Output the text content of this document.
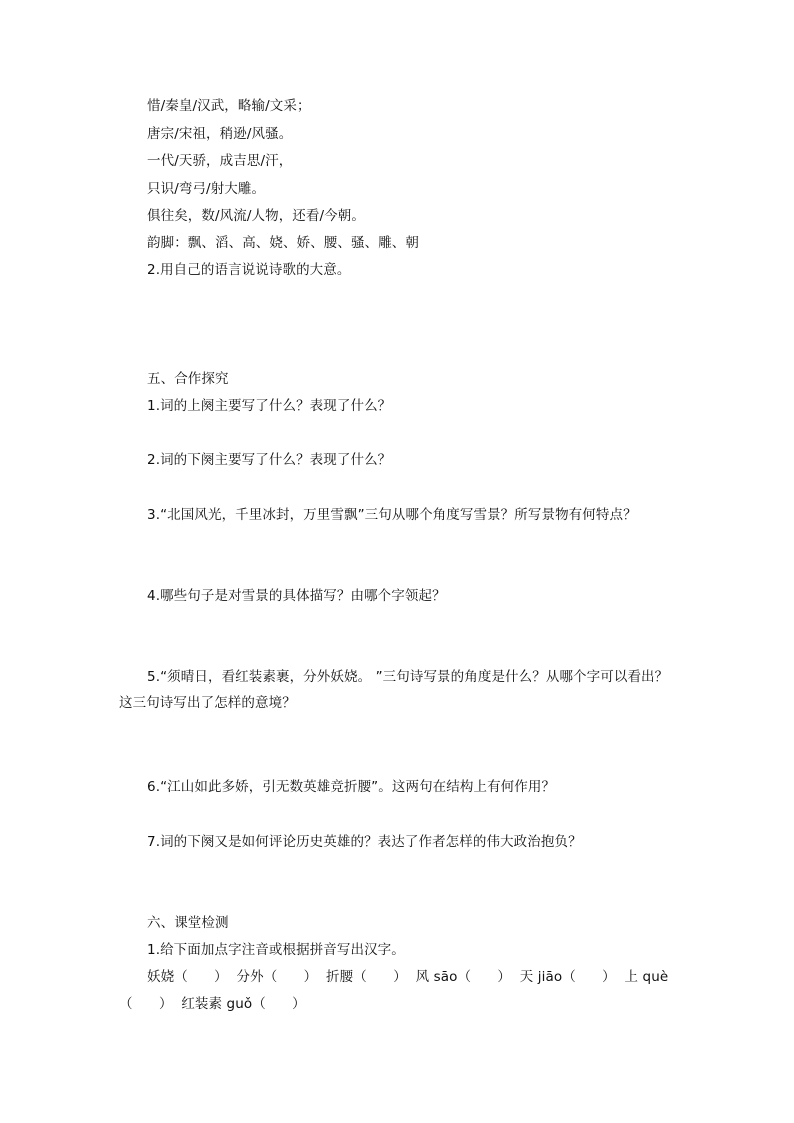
惜/秦皇/汉武，略输/文采；
唐宗/宋祖，稍逊/风骚。
一代/天骄，成吉思/汗，
只识/弯弓/射大雕。
俱往矣，数/风流/人物，还看/今朝。
韵脚：飘、滔、高、娆、娇、腰、骚、雕、朝
2.用自己的语言说说诗歌的大意。
五、合作探究
1.词的上阕主要写了什么？表现了什么？
2.词的下阕主要写了什么？表现了什么？
3.“北国风光，千里冰封，万里雪飘”三句从哪个角度写雪景？所写景物有何特点？
4.哪些句子是对雪景的具体描写？由哪个字领起？
5.“须晴日，看红装素裹，分外妖娆。 ”三句诗写景的角度是什么？从哪个字可以看出？这三句诗写出了怎样的意境？
6.“江山如此多娇，引无数英雄竞折腰”。这两句在结构上有何作用？
7.词的下阕又是如何评论历史英雄的？表达了作者怎样的伟大政治抱负？
六、课堂检测
1.给下面加点字注音或根据拼音写出汉字。
妖娆（      ）  分外（      ）  折腰（      ）  风 sāo（      ）  天 jiāo（      ）  上 què
（      ）  红装素 guǒ（      ）
